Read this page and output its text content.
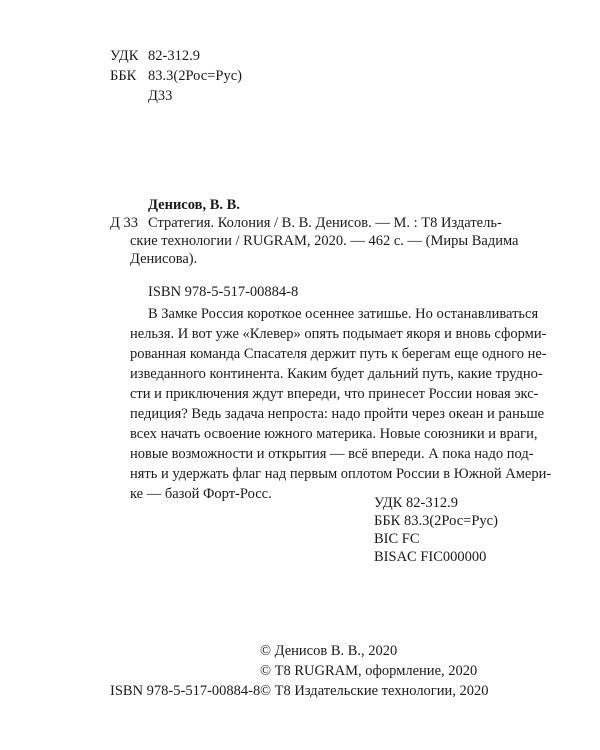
УДК 82-312.9
ББК 83.3(2Рос=Рус)
Д33
Денисов, В. В.
Д 33 Стратегия. Колония / В. В. Денисов. — М. : Т8 Издатель-
ские технологии / RUGRAM, 2020. — 462 с. — (Миры Вадима
Денисова).
ISBN 978-5-517-00884-8
В Замке Россия короткое осеннее затишье. Но останавливаться
нельзя. И вот уже «Клевер» опять подымает якоря и вновь сформи-
рованная команда Спасателя держит путь к берегам еще одного не-
изведанного континента. Каким будет дальний путь, какие трудно-
сти и приключения ждут впереди, что принесет России новая экс-
педиция? Ведь задача непроста: надо пройти через океан и раньше
всех начать освоение южного материка. Новые союзники и враги,
новые возможности и открытия — всё впереди. А пока надо под-
нять и удержать флаг над первым оплотом России в Южной Амери-
ке — базой Форт-Росс.
УДК 82-312.9
ББК 83.3(2Рос=Рус)
BIC FC
BISAC FIC000000
ISBN 978-5-517-00884-8
© Денисов В. В., 2020
© Т8 RUGRAM, оформление, 2020
© Т8 Издательские технологии, 2020
